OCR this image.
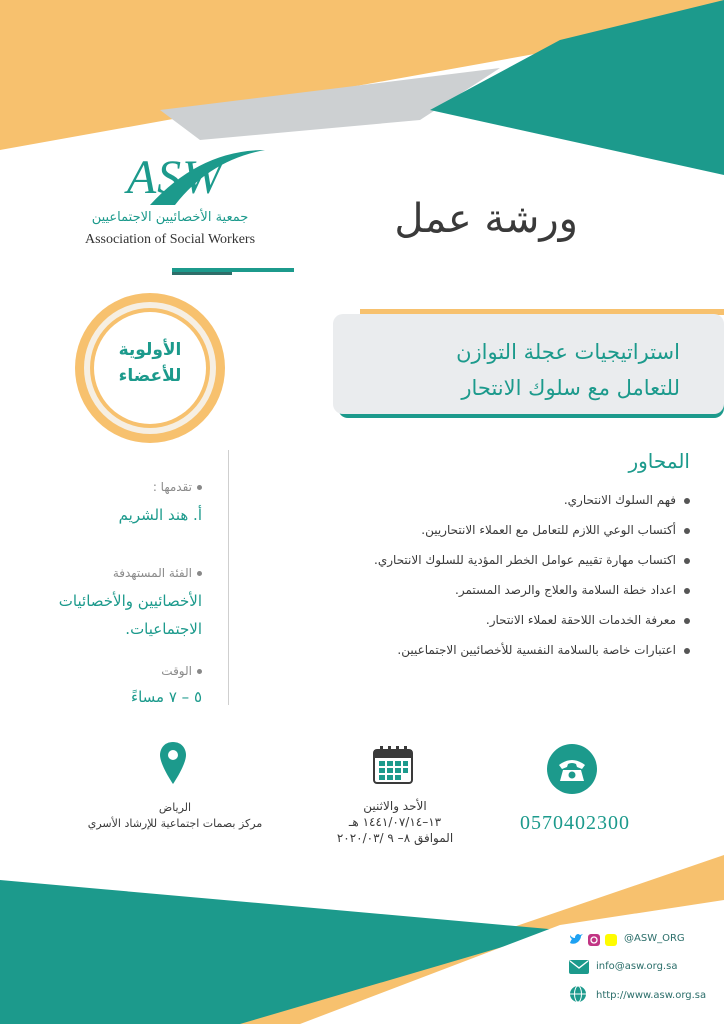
ASW
جمعية الأخصائيين الاجتماعيين
Association of Social Workers	ورشة عمل
استراتيجيات عجلة التوازن
للتعامل مع سلوك الانتحار
الأولوية
للأعضاء
المحاور
فهم السلوك الانتحاري.
أكتساب الوعي اللازم للتعامل مع العملاء الانتحاريين.
اكتساب مهارة تقييم عوامل الخطر المؤدية للسلوك الانتحاري.
اعداد خطة السلامة والعلاج والرصد المستمر.
معرفة الخدمات اللاحقة لعملاء الانتحار.
اعتبارات خاصة بالسلامة النفسية للأخصائيين الاجتماعيين.
تقدمها :
أ. هند الشريم
الفئة المستهدفة
الأخصائيين والأخصائيات
الاجتماعيات.
الوقت
٥ – ٧ مساءً
الرياض
مركز بصمات اجتماعية للإرشاد الأسري
الأحد والاثنين
١٣–١٤٤١/٠٧/١٤ هـ
الموافق ٨– ٩ /٢٠٢٠/٠٣
0570402300
@ASW_ORG
info@asw.org.sa
http://www.asw.org.sa
